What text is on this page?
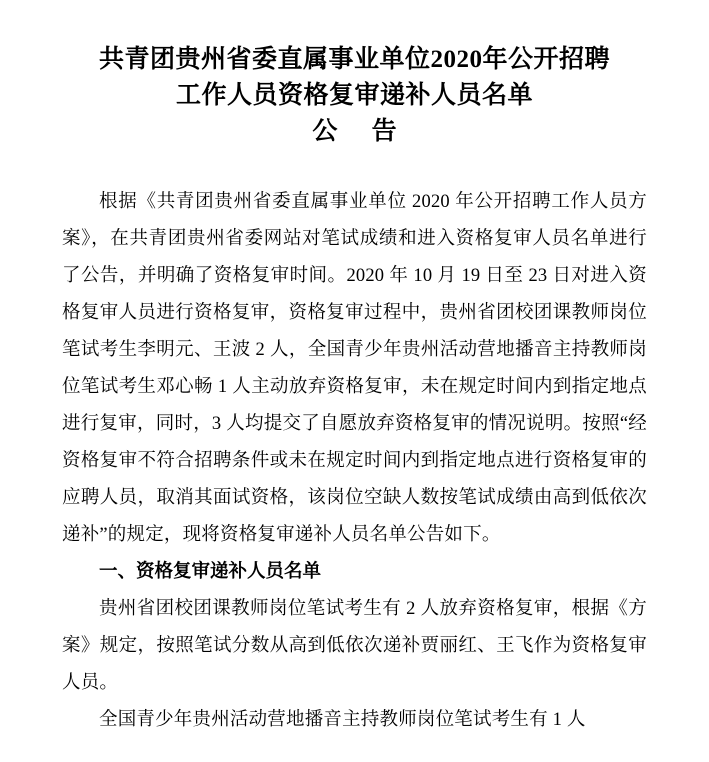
共青团贵州省委直属事业单位2020年公开招聘
工作人员资格复审递补人员名单
公 告

根据《共青团贵州省委直属事业单位 2020 年公开招聘工作人员方案》，在共青团贵州省委网站对笔试成绩和进入资格复审人员名单进行了公告，并明确了资格复审时间。2020 年 10 月 19 日至 23 日对进入资格复审人员进行资格复审，资格复审过程中，贵州省团校团课教师岗位笔试考生李明元、王波 2 人，全国青少年贵州活动营地播音主持教师岗位笔试考生邓心畅 1 人主动放弃资格复审，未在规定时间内到指定地点进行复审，同时，3 人均提交了自愿放弃资格复审的情况说明。按照“经资格复审不符合招聘条件或未在规定时间内到指定地点进行资格复审的应聘人员，取消其面试资格，该岗位空缺人数按笔试成绩由高到低依次递补”的规定，现将资格复审递补人员名单公告如下。

一、资格复审递补人员名单

贵州省团校团课教师岗位笔试考生有 2 人放弃资格复审，根据《方案》规定，按照笔试分数从高到低依次递补贾丽红、王飞作为资格复审人员。

全国青少年贵州活动营地播音主持教师岗位笔试考生有 1 人
